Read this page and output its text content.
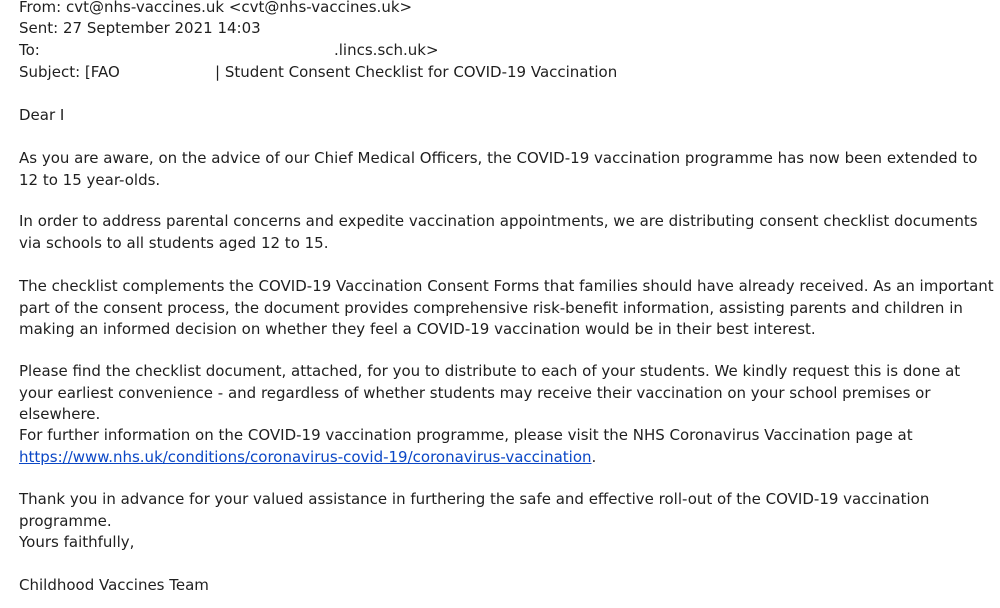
From: cvt@nhs-vaccines.uk <cvt@nhs-vaccines.uk>
Sent: 27 September 2021 14:03
To:	.lincs.sch.uk>
Subject: [FAO	| Student Consent Checklist for COVID-19 Vaccination

Dear I

As you are aware, on the advice of our Chief Medical Officers, the COVID-19 vaccination programme has now been extended to 12 to 15 year-olds.

In order to address parental concerns and expedite vaccination appointments, we are distributing consent checklist documents via schools to all students aged 12 to 15.

The checklist complements the COVID-19 Vaccination Consent Forms that families should have already received. As an important part of the consent process, the document provides comprehensive risk-benefit information, assisting parents and children in making an informed decision on whether they feel a COVID-19 vaccination would be in their best interest.

Please find the checklist document, attached, for you to distribute to each of your students. We kindly request this is done at your earliest convenience - and regardless of whether students may receive their vaccination on your school premises or elsewhere.

For further information on the COVID-19 vaccination programme, please visit the NHS Coronavirus Vaccination page at https://www.nhs.uk/conditions/coronavirus-covid-19/coronavirus-vaccination.

Thank you in advance for your valued assistance in furthering the safe and effective roll-out of the COVID-19 vaccination programme.

Yours faithfully,

Childhood Vaccines Team
